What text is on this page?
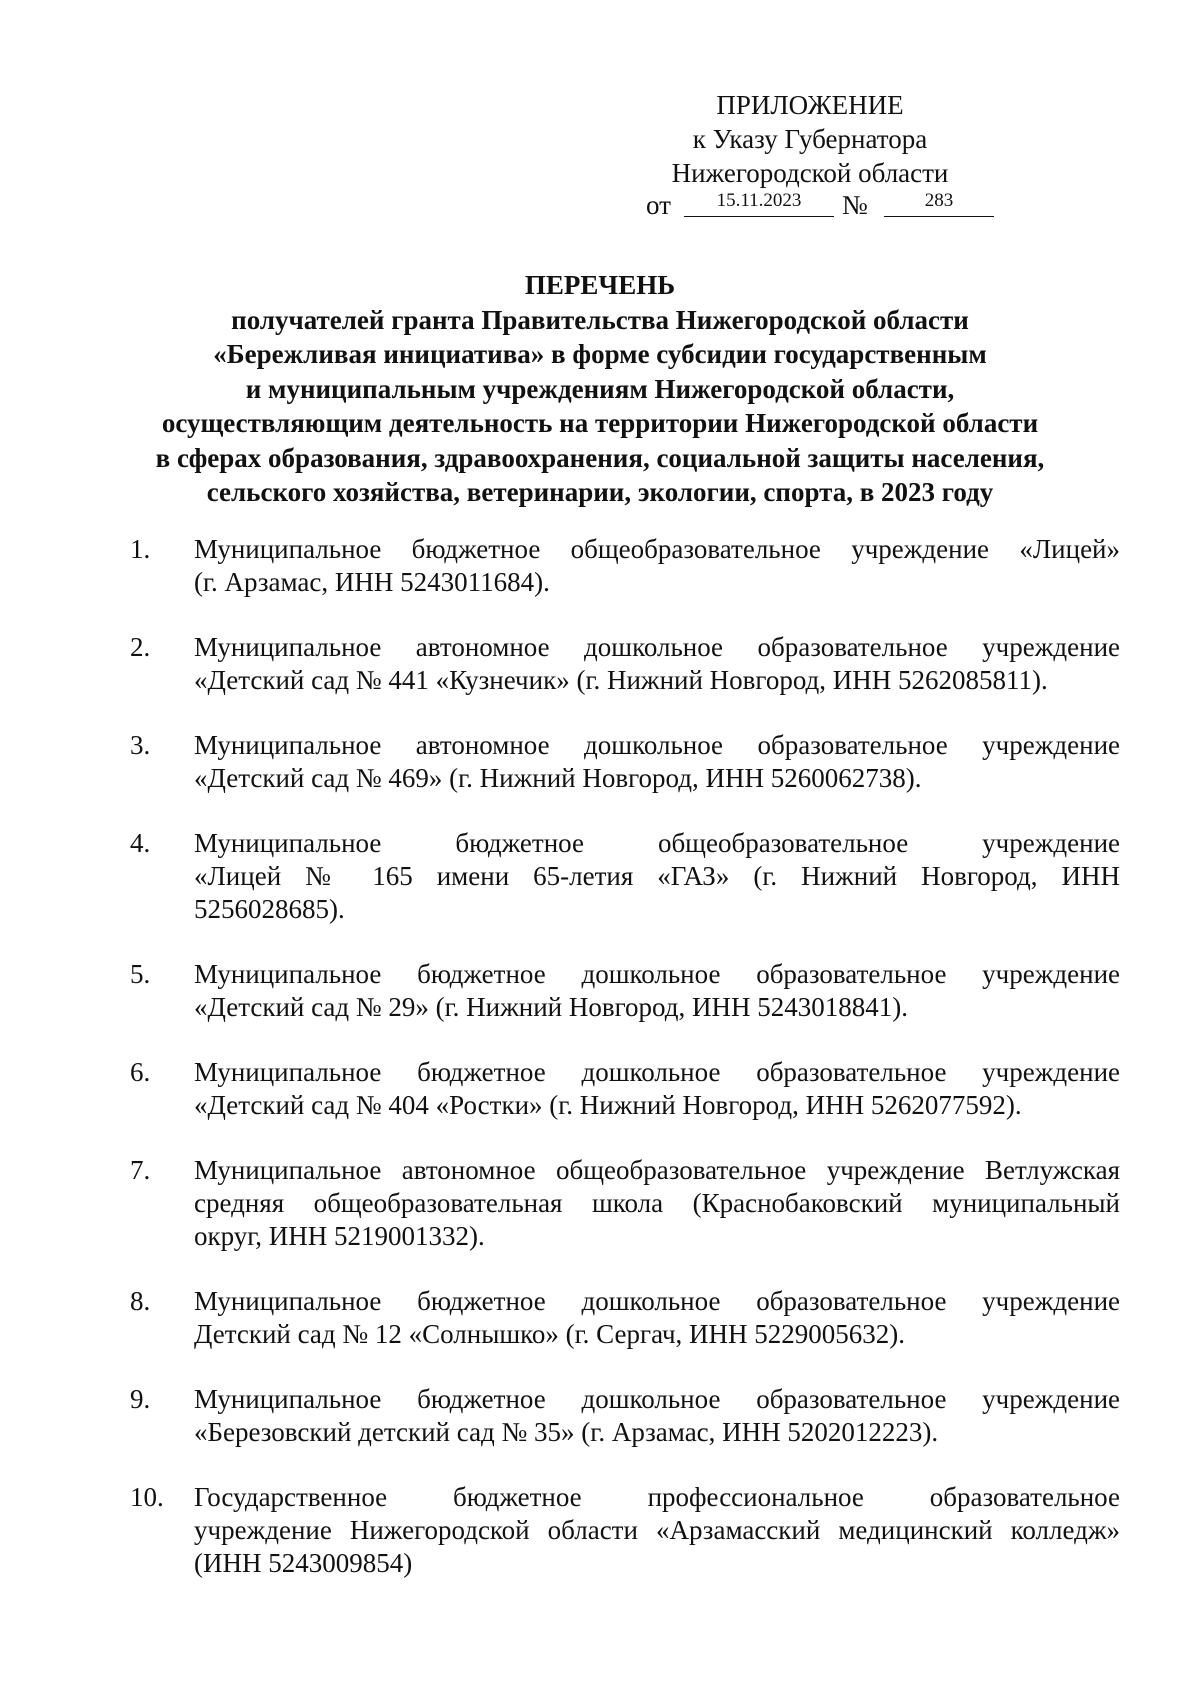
ПРИЛОЖЕНИЕ
к Указу Губернатора
Нижегородской области
от	15.11.2023	№	283
ПЕРЕЧЕНЬ
получателей гранта Правительства Нижегородской области
«Бережливая инициатива» в форме субсидии государственным
и муниципальным учреждениям Нижегородской области,
осуществляющим деятельность на территории Нижегородской области
в сферах образования, здравоохранения, социальной защиты населения,
сельского хозяйства, ветеринарии, экологии, спорта, в 2023 году
1.	Муниципальное бюджетное общеобразовательное учреждение «Лицей»
(г. Арзамас, ИНН 5243011684).
2.	Муниципальное автономное дошкольное образовательное учреждение
«Детский сад № 441 «Кузнечик» (г. Нижний Новгород, ИНН 5262085811).
3.	Муниципальное автономное дошкольное образовательное учреждение
«Детский сад № 469» (г. Нижний Новгород, ИНН 5260062738).
4.	Муниципальное бюджетное общеобразовательное учреждение
«Лицей № 165 имени 65-летия «ГАЗ» (г. Нижний Новгород, ИНН
5256028685).
5.	Муниципальное бюджетное дошкольное образовательное учреждение
«Детский сад № 29» (г. Нижний Новгород, ИНН 5243018841).
6.	Муниципальное бюджетное дошкольное образовательное учреждение
«Детский сад № 404 «Ростки» (г. Нижний Новгород, ИНН 5262077592).
7.	Муниципальное автономное общеобразовательное учреждение Ветлужская
средняя общеобразовательная школа (Краснобаковский муниципальный
округ, ИНН 5219001332).
8.	Муниципальное бюджетное дошкольное образовательное учреждение
Детский сад № 12 «Солнышко» (г. Сергач, ИНН 5229005632).
9.	Муниципальное бюджетное дошкольное образовательное учреждение
«Березовский детский сад № 35» (г. Арзамас, ИНН 5202012223).
10.	Государственное бюджетное профессиональное образовательное
учреждение Нижегородской области «Арзамасский медицинский колледж»
(ИНН 5243009854)
